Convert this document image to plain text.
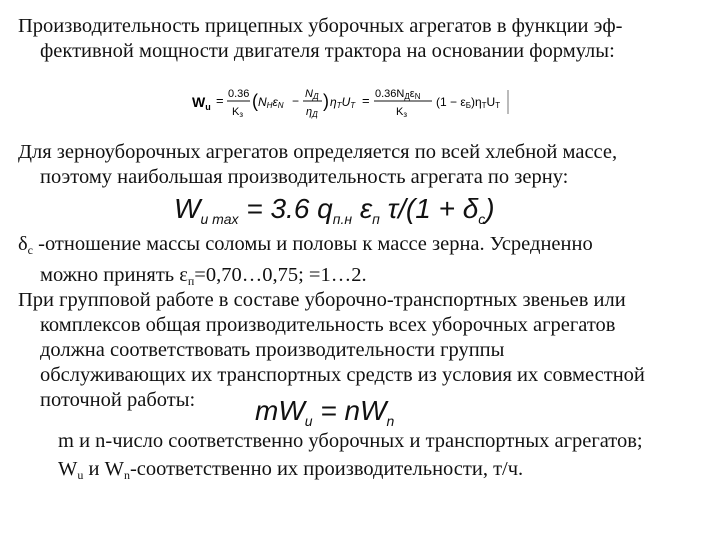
Производительность прицепных уборочных агрегатов в функции эф-
фективной мощности двигателя трактора на основании формулы:
$W_u = 0.36$
Kз
( NHεN − NД
ηД
) ηTUT = 0.36NДεN
Kз
(1 − εБ)ηTUT
Для зерноуборочных агрегатов определяется по всей хлебной массе,
поэтому наибольшая производительность агрегата по зерну:
$W_{u max} = 3.6$ $q_{п.н}$ $\varepsilon_п$ $\tau/(1 + \delta_c)$
$\delta_c$ -отношение массы соломы и половы к массе зерна. Усредненно
можно принять $\varepsilon_п=0,70\dots 0,75$; =1…2.
При групповой работе в составе уборочно-транспортных звеньев или
комплексов общая производительность всех уборочных агрегатов
должна соответствовать производительности группы
обслуживающих их транспортных средств из условия их совместной
поточной работы:	$mW_u = nW_n$
m и n-число соответственно уборочных и транспортных агрегатов;
$W_u$ и $W_n$-соответственно их производительности, т/ч.
